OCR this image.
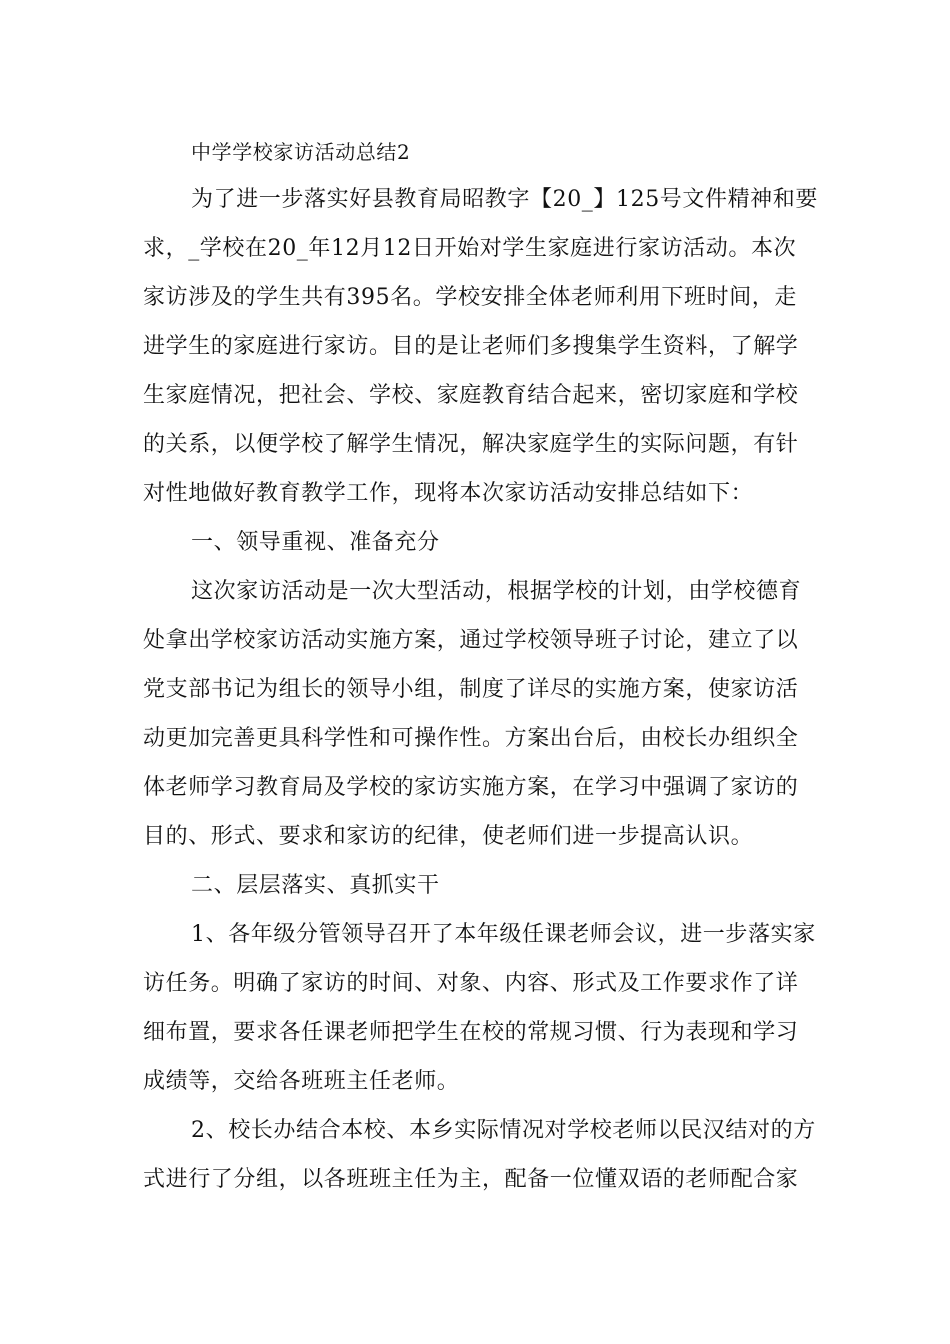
中学学校家访活动总结2
为了进一步落实好县教育局昭教字【20_】125号文件精神和要
求，_学校在20_年12月12日开始对学生家庭进行家访活动。本次
家访涉及的学生共有395名。学校安排全体老师利用下班时间，走
进学生的家庭进行家访。目的是让老师们多搜集学生资料，了解学
生家庭情况，把社会、学校、家庭教育结合起来，密切家庭和学校
的关系，以便学校了解学生情况，解决家庭学生的实际问题，有针
对性地做好教育教学工作，现将本次家访活动安排总结如下：
一、领导重视、准备充分
这次家访活动是一次大型活动，根据学校的计划，由学校德育
处拿出学校家访活动实施方案，通过学校领导班子讨论，建立了以
党支部书记为组长的领导小组，制度了详尽的实施方案，使家访活
动更加完善更具科学性和可操作性。方案出台后，由校长办组织全
体老师学习教育局及学校的家访实施方案，在学习中强调了家访的
目的、形式、要求和家访的纪律，使老师们进一步提高认识。
二、层层落实、真抓实干
1、各年级分管领导召开了本年级任课老师会议，进一步落实家
访任务。明确了家访的时间、对象、内容、形式及工作要求作了详
细布置，要求各任课老师把学生在校的常规习惯、行为表现和学习
成绩等，交给各班班主任老师。
2、校长办结合本校、本乡实际情况对学校老师以民汉结对的方
式进行了分组，以各班班主任为主，配备一位懂双语的老师配合家
